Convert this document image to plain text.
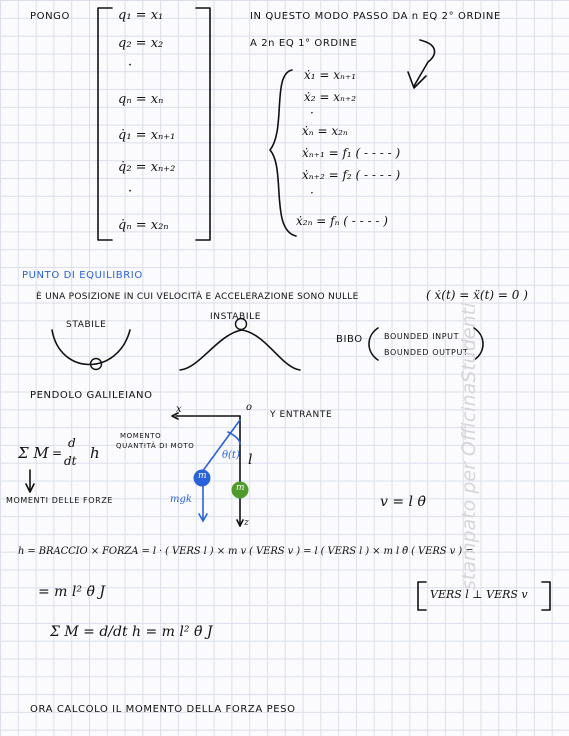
PONGO	q₁ = x₁
q₂ = x₂
·
qₙ = xₙ
q̇₁ = xₙ₊₁
q̇₂ = xₙ₊₂
·
q̇ₙ = x₂ₙ
IN QUESTO MODO PASSO DA n EQ 2° ORDINE
A 2n EQ 1° ORDINE
ẋ₁ = xₙ₊₁
ẋ₂ = xₙ₊₂
·
ẋₙ = x₂ₙ
ẋₙ₊₁ = f₁ ( - - - - )
ẋₙ₊₂ = f₂ ( - - - - )
·
ẋ₂ₙ = fₙ ( - - - - )
PUNTO DI EQUILIBRIO
È UNA POSIZIONE IN CUI VELOCITÀ E ACCELERAZIONE SONO NULLE	( ẋ(t) = ẍ(t) = 0 )
STABILE
INSTABILE
BIBO	BOUNDED INPUT
BOUNDED OUTPUT
PENDOLO GALILEIANO
Σ M =
d
dt h
MOMENTO
QUANTITÀ DI MOTO
MOMENTI DELLE FORZE
x	o
Y ENTRANTE
θ(t) l
m
m
mgk
z
v = l θ̇
h = BRACCIO × FORZA = l · ( VERS l ) × m v ( VERS v ) = l ( VERS l ) × m l θ̇ ( VERS v ) =
= m l² θ̈ J	VERS l ⊥ VERS v
Σ M = d/dt h = m l² θ̈ J
ORA CALCOLO IL MOMENTO DELLA FORZA PESO
stampato per OfficinaStudenti
